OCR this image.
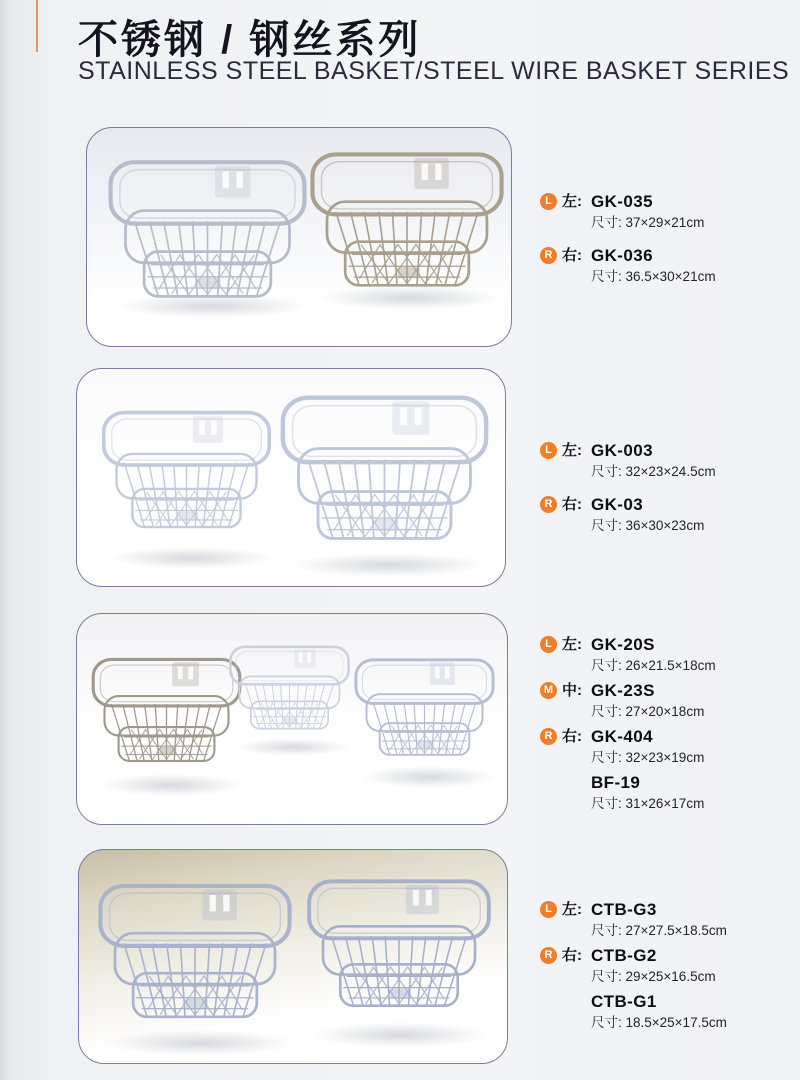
不锈钢 / 钢丝系列
STAINLESS STEEL BASKET/STEEL WIRE BASKET SERIES
L 左: GK-035
尺寸: 37×29×21cm
R 右: GK-036
尺寸: 36.5×30×21cm
L 左: GK-003
尺寸: 32×23×24.5cm
R 右: GK-03
尺寸: 36×30×23cm
L 左: GK-20S
尺寸: 26×21.5×18cm
M 中: GK-23S
尺寸: 27×20×18cm
R 右: GK-404
尺寸: 32×23×19cm
BF-19
尺寸: 31×26×17cm
L 左: CTB-G3
尺寸: 27×27.5×18.5cm
R 右: CTB-G2
尺寸: 29×25×16.5cm
CTB-G1
尺寸: 18.5×25×17.5cm
